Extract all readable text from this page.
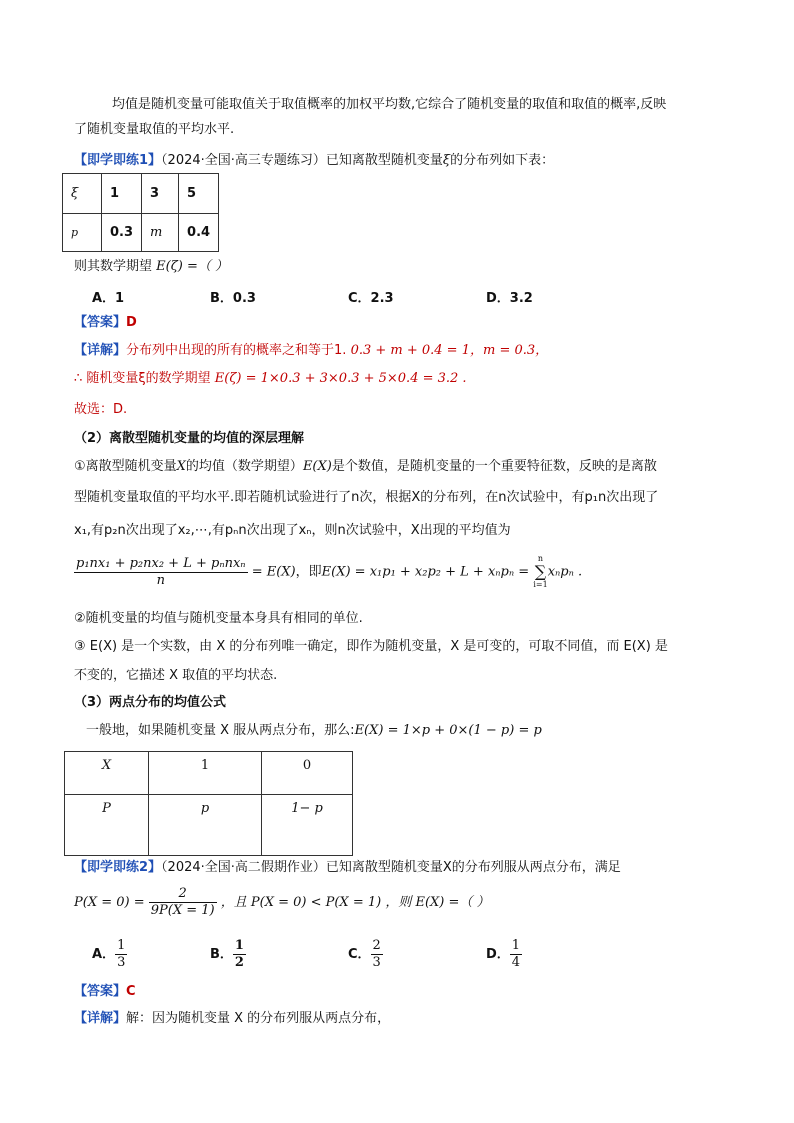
均值是随机变量可能取值关于取值概率的加权平均数,它综合了随机变量的取值和取值的概率,反映
了随机变量取值的平均水平.
【即学即练1】（2024·全国·高三专题练习）已知离散型随机变量ξ的分布列如下表：
ξ	1	3	5
p	0.3	m	0.4
则其数学期望 E(ζ) =（ ）
A．1	B．0.3	C．2.3	D．3.2
【答案】D
【详解】分布列中出现的所有的概率之和等于1. 0.3 + m + 0.4 = 1，m = 0.3，
∴ 随机变量ξ的数学期望 E(ζ) = 1×0.3 + 3×0.3 + 5×0.4 = 3.2 .
故选：D.
（2）离散型随机变量的均值的深层理解
①离散型随机变量X的均值（数学期望）E(X)是个数值，是随机变量的一个重要特征数，反映的是离散
型随机变量取值的平均水平.即若随机试验进行了n次，根据X的分布列，在n次试验中，有p₁n次出现了
x₁,有p₂n次出现了x₂,⋯,有pₙn次出现了xₙ，则n次试验中，X出现的平均值为
$\frac{\text{p₁nx₁ + p₂nx₂ + L + pₙnxₙ}}{n} = E(X)$，即E(X) = x₁p₁ + x₂p₂ + L + xₙpₙ =
n
∑
i=1
xₙpₙ .
②随机变量的均值与随机变量本身具有相同的单位.
③ E(X) 是一个实数，由 X 的分布列唯一确定，即作为随机变量，X 是可变的，可取不同值，而 E(X) 是
不变的，它描述 X 取值的平均状态.
（3）两点分布的均值公式
一般地，如果随机变量 X 服从两点分布，那么:E(X) = 1×p + 0×(1 − p) = p
X	1	0
P	p	1− p
【即学即练2】（2024·全国·高二假期作业）已知离散型随机变量X的分布列服从两点分布，满足
$P(X = 0) = \frac{2}{9P(X = 1)}$ ，且 P(X = 0) < P(X = 1) ，则 E(X) =（ ）
A． $\frac{1}{3}$	B． $\frac{1}{2}$	C． $\frac{2}{3}$	D． $\frac{1}{4}$
【答案】C
【详解】解：因为随机变量 X 的分布列服从两点分布，
